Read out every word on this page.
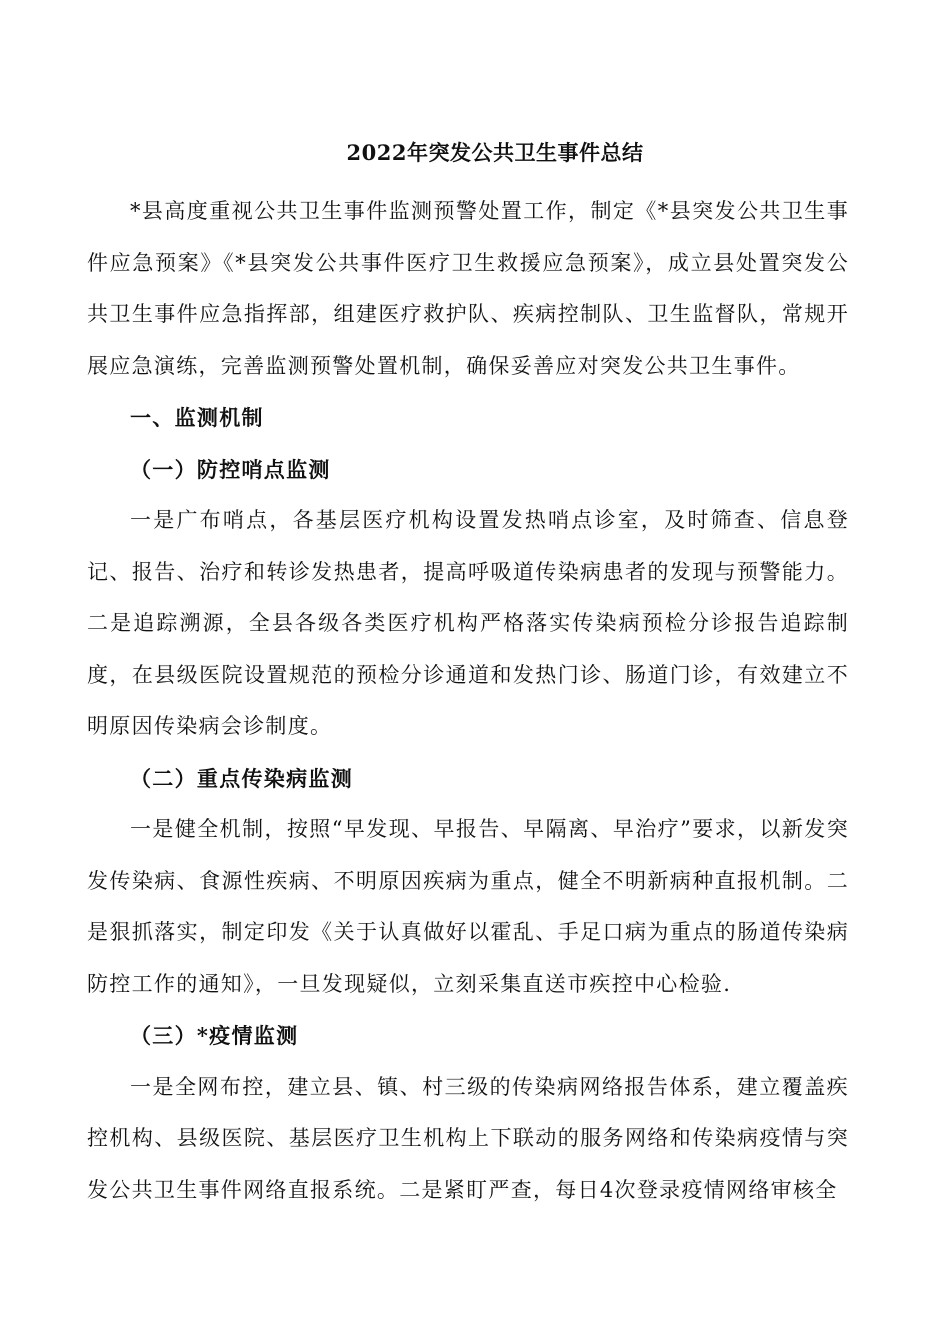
2022年突发公共卫生事件总结

*县高度重视公共卫生事件监测预警处置工作，制定《*县突发公共卫生事件应急预案》《*县突发公共事件医疗卫生救援应急预案》，成立县处置突发公共卫生事件应急指挥部，组建医疗救护队、疾病控制队、卫生监督队，常规开展应急演练，完善监测预警处置机制，确保妥善应对突发公共卫生事件。

一、监测机制

（一）防控哨点监测

一是广布哨点，各基层医疗机构设置发热哨点诊室，及时筛查、信息登记、报告、治疗和转诊发热患者，提高呼吸道传染病患者的发现与预警能力。二是追踪溯源，全县各级各类医疗机构严格落实传染病预检分诊报告追踪制度，在县级医院设置规范的预检分诊通道和发热门诊、肠道门诊，有效建立不明原因传染病会诊制度。

（二）重点传染病监测

一是健全机制，按照“早发现、早报告、早隔离、早治疗”要求，以新发突发传染病、食源性疾病、不明原因疾病为重点，健全不明新病种直报机制。二是狠抓落实，制定印发《关于认真做好以霍乱、手足口病为重点的肠道传染病防控工作的通知》，一旦发现疑似，立刻采集直送市疾控中心检验.

（三）*疫情监测

一是全网布控，建立县、镇、村三级的传染病网络报告体系，建立覆盖疾控机构、县级医院、基层医疗卫生机构上下联动的服务网络和传染病疫情与突发公共卫生事件网络直报系统。二是紧盯严查，每日4次登录疫情网络审核全
